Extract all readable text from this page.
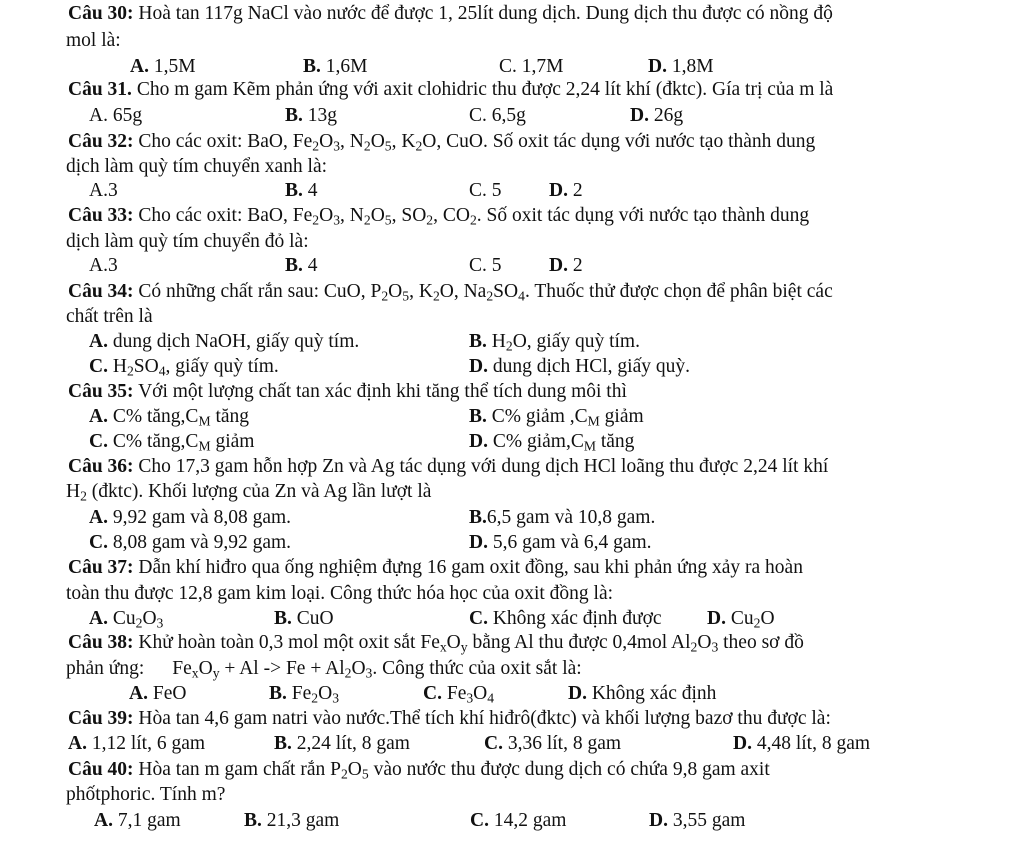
Câu 30: Hoà tan 117g NaCl vào nước để được 1, 25lít dung dịch. Dung dịch thu được có nồng độ
mol là:
A. 1,5M	B. 1,6M	C. 1,7M	D. 1,8M
Câu 31. Cho m gam Kẽm phản ứng với axit clohidric thu được 2,24 lít khí (đktc). Gía trị của m là
A. 65g	B. 13g	C. 6,5g	D. 26g
Câu 32: Cho các oxit: BaO, $Fe_2O_3$, $N_2O_5$, $K_2O$, CuO. Số oxit tác dụng với nước tạo thành dung
dịch làm quỳ tím chuyển xanh là:
A.3	B. 4	C. 5 D. 2
Câu 33: Cho các oxit: BaO, $Fe_2O_3$, $N_2O_5$, $SO_2$, $CO_2$. Số oxit tác dụng với nước tạo thành dung
dịch làm quỳ tím chuyển đỏ là:
A.3	B. 4	C. 5 D. 2
Câu 34: Có những chất rắn sau: CuO, $P_2O_5$, $K_2O$, $Na_2SO_4$. Thuốc thử được chọn để phân biệt các
chất trên là
A. dung dịch NaOH, giấy quỳ tím.	B. $H_2O$, giấy quỳ tím.
C. $H_2SO_4$, giấy quỳ tím.	D. dung dịch HCl, giấy quỳ.
Câu 35: Với một lượng chất tan xác định khi tăng thể tích dung môi thì
A. C% $tăng,C_M$ tăng	B. C% giảm $,C_M$ giảm
C. C% $tăng,C_M$ giảm	D. C% $giảm,C_M$ tăng
Câu 36: Cho 17,3 gam hỗn hợp Zn và Ag tác dụng với dung dịch HCl loãng thu được 2,24 lít khí
$H_2$ (đktc). Khối lượng của Zn và Ag lần lượt là
A. 9,92 gam và 8,08 gam.	B.6,5 gam và 10,8 gam.
C. 8,08 gam và 9,92 gam.	D. 5,6 gam và 6,4 gam.
Câu 37: Dẫn khí hiđro qua ống nghiệm đựng 16 gam oxit đồng, sau khi phản ứng xảy ra hoàn
toàn thu được 12,8 gam kim loại. Công thức hóa học của oxit đồng là:
A. $Cu_2O_3$	B. CuO	C. Không xác định được D. $Cu_2O$
Câu 38: Khử hoàn toàn 0,3 mol một oxit sắt $Fe_xO_y$ bằng Al thu được 0,4mol $Al_2O_3$ theo sơ đồ
phản ứng: $Fe_xO_y + Al -> Fe + Al_2O_3$. Công thức của oxit sắt là:
A. FeO	B. $Fe_2O_3$	C. $Fe_3O_4$	D. Không xác định
Câu 39: Hòa tan 4,6 gam natri vào nước.Thể tích khí hiđrô(đktc) và khối lượng bazơ thu được là:
A. 1,12 lít, 6 gam	B. 2,24 lít, 8 gam	C. 3,36 lít, 8 gam	D. 4,48 lít, 8 gam
Câu 40: Hòa tan m gam chất rắn $P_2O_5$ vào nước thu được dung dịch có chứa 9,8 gam axit
phốtphoric. Tính m?
A. 7,1 gam	B. 21,3 gam	C. 14,2 gam	D. 3,55 gam
